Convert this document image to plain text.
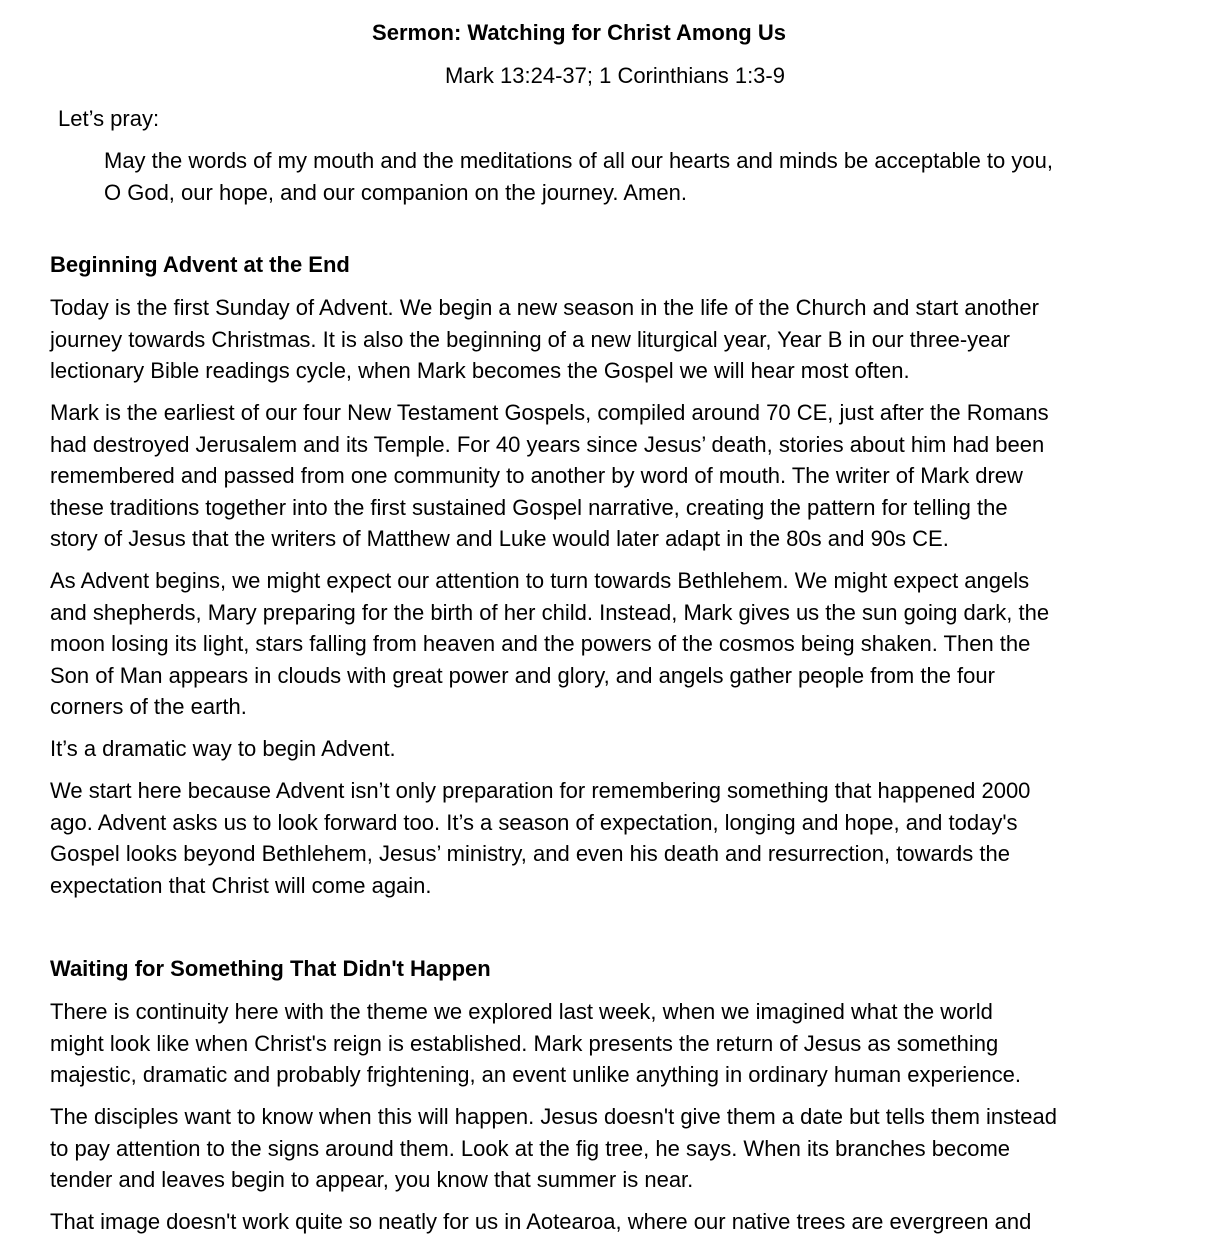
Sermon: Watching for Christ Among Us
Mark 13:24-37; 1 Corinthians 1:3-9
Let’s pray:

May the words of my mouth and the meditations of all our hearts and minds be acceptable to you,
O God, our hope, and our companion on the journey. Amen.

Beginning Advent at the End

Today is the first Sunday of Advent. We begin a new season in the life of the Church and start another
journey towards Christmas. It is also the beginning of a new liturgical year, Year B in our three-year
lectionary Bible readings cycle, when Mark becomes the Gospel we will hear most often.

Mark is the earliest of our four New Testament Gospels, compiled around 70 CE, just after the Romans
had destroyed Jerusalem and its Temple. For 40 years since Jesus’ death, stories about him had been
remembered and passed from one community to another by word of mouth. The writer of Mark drew
these traditions together into the first sustained Gospel narrative, creating the pattern for telling the
story of Jesus that the writers of Matthew and Luke would later adapt in the 80s and 90s CE.

As Advent begins, we might expect our attention to turn towards Bethlehem. We might expect angels
and shepherds, Mary preparing for the birth of her child. Instead, Mark gives us the sun going dark, the
moon losing its light, stars falling from heaven and the powers of the cosmos being shaken. Then the
Son of Man appears in clouds with great power and glory, and angels gather people from the four
corners of the earth.

It’s a dramatic way to begin Advent.

We start here because Advent isn’t only preparation for remembering something that happened 2000
ago. Advent asks us to look forward too. It’s a season of expectation, longing and hope, and today's
Gospel looks beyond Bethlehem, Jesus’ ministry, and even his death and resurrection, towards the
expectation that Christ will come again.

Waiting for Something That Didn't Happen

There is continuity here with the theme we explored last week, when we imagined what the world
might look like when Christ's reign is established. Mark presents the return of Jesus as something
majestic, dramatic and probably frightening, an event unlike anything in ordinary human experience.

The disciples want to know when this will happen. Jesus doesn't give them a date but tells them instead
to pay attention to the signs around them. Look at the fig tree, he says. When its branches become
tender and leaves begin to appear, you know that summer is near.

That image doesn't work quite so neatly for us in Aotearoa, where our native trees are evergreen and
